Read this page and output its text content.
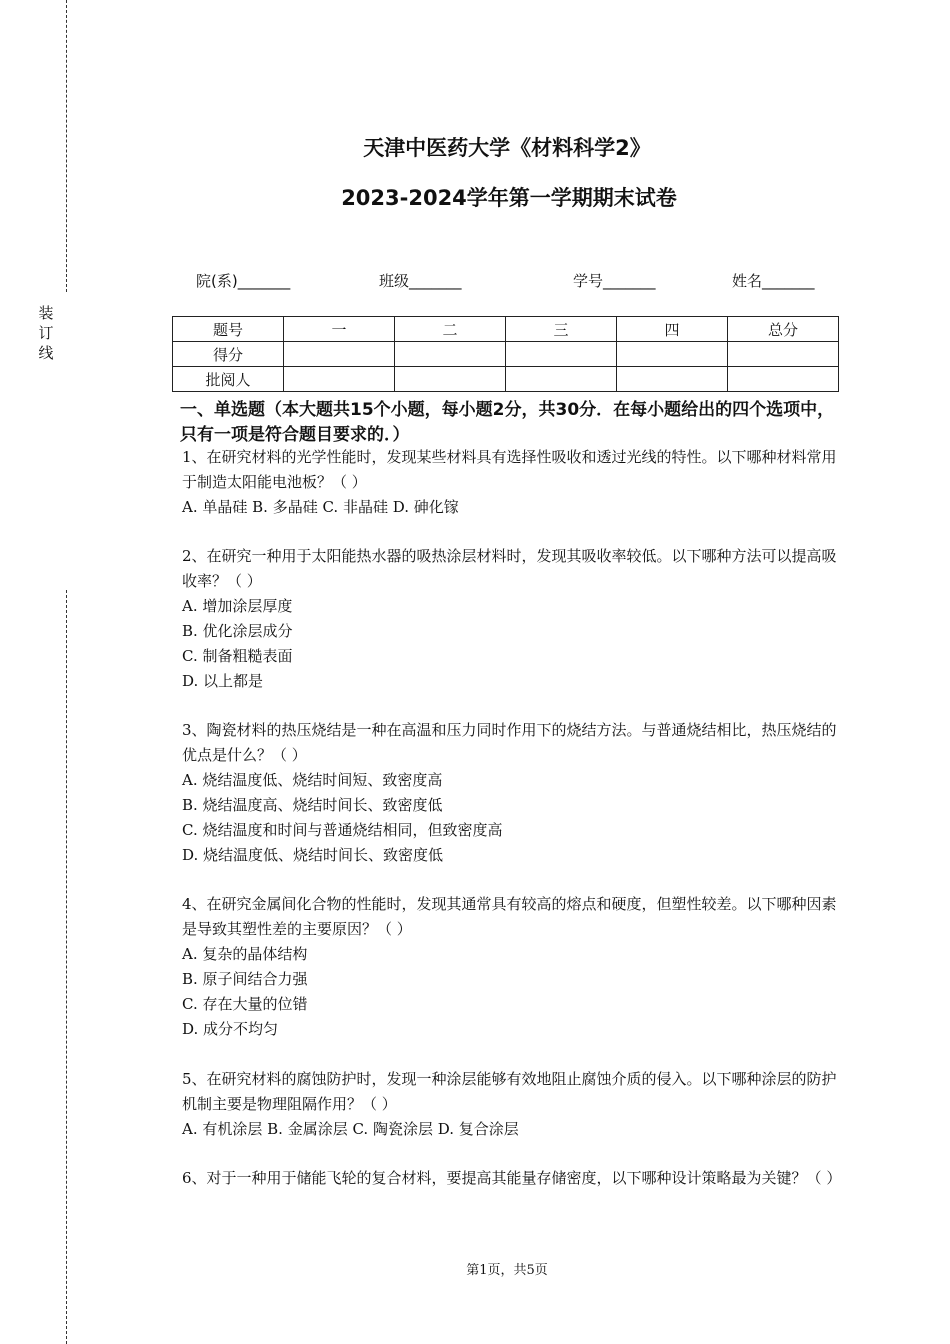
装订线
天津中医药大学《材料科学2》
2023-2024学年第一学期期末试卷
院(系)_______	班级_______	学号_______	姓名_______
题号	一	二	三	四	总分
得分					
批阅人					
一、单选题（本大题共15个小题，每小题2分，共30分．在每小题给出的四个选项中，只有一项是符合题目要求的．）
1、在研究材料的光学性能时，发现某些材料具有选择性吸收和透过光线的特性。以下哪种材料常用于制造太阳能电池板？（ ）
A. 单晶硅 B. 多晶硅 C. 非晶硅 D. 砷化镓
2、在研究一种用于太阳能热水器的吸热涂层材料时，发现其吸收率较低。以下哪种方法可以提高吸收率？（ ）
A. 增加涂层厚度
B. 优化涂层成分
C. 制备粗糙表面
D. 以上都是
3、陶瓷材料的热压烧结是一种在高温和压力同时作用下的烧结方法。与普通烧结相比，热压烧结的优点是什么？（ ）
A. 烧结温度低、烧结时间短、致密度高
B. 烧结温度高、烧结时间长、致密度低
C. 烧结温度和时间与普通烧结相同，但致密度高
D. 烧结温度低、烧结时间长、致密度低
4、在研究金属间化合物的性能时，发现其通常具有较高的熔点和硬度，但塑性较差。以下哪种因素是导致其塑性差的主要原因？（ ）
A. 复杂的晶体结构
B. 原子间结合力强
C. 存在大量的位错
D. 成分不均匀
5、在研究材料的腐蚀防护时，发现一种涂层能够有效地阻止腐蚀介质的侵入。以下哪种涂层的防护机制主要是物理阻隔作用？（ ）
A. 有机涂层 B. 金属涂层 C. 陶瓷涂层 D. 复合涂层
6、对于一种用于储能飞轮的复合材料，要提高其能量存储密度，以下哪种设计策略最为关键？（ ）
第1页，共5页
